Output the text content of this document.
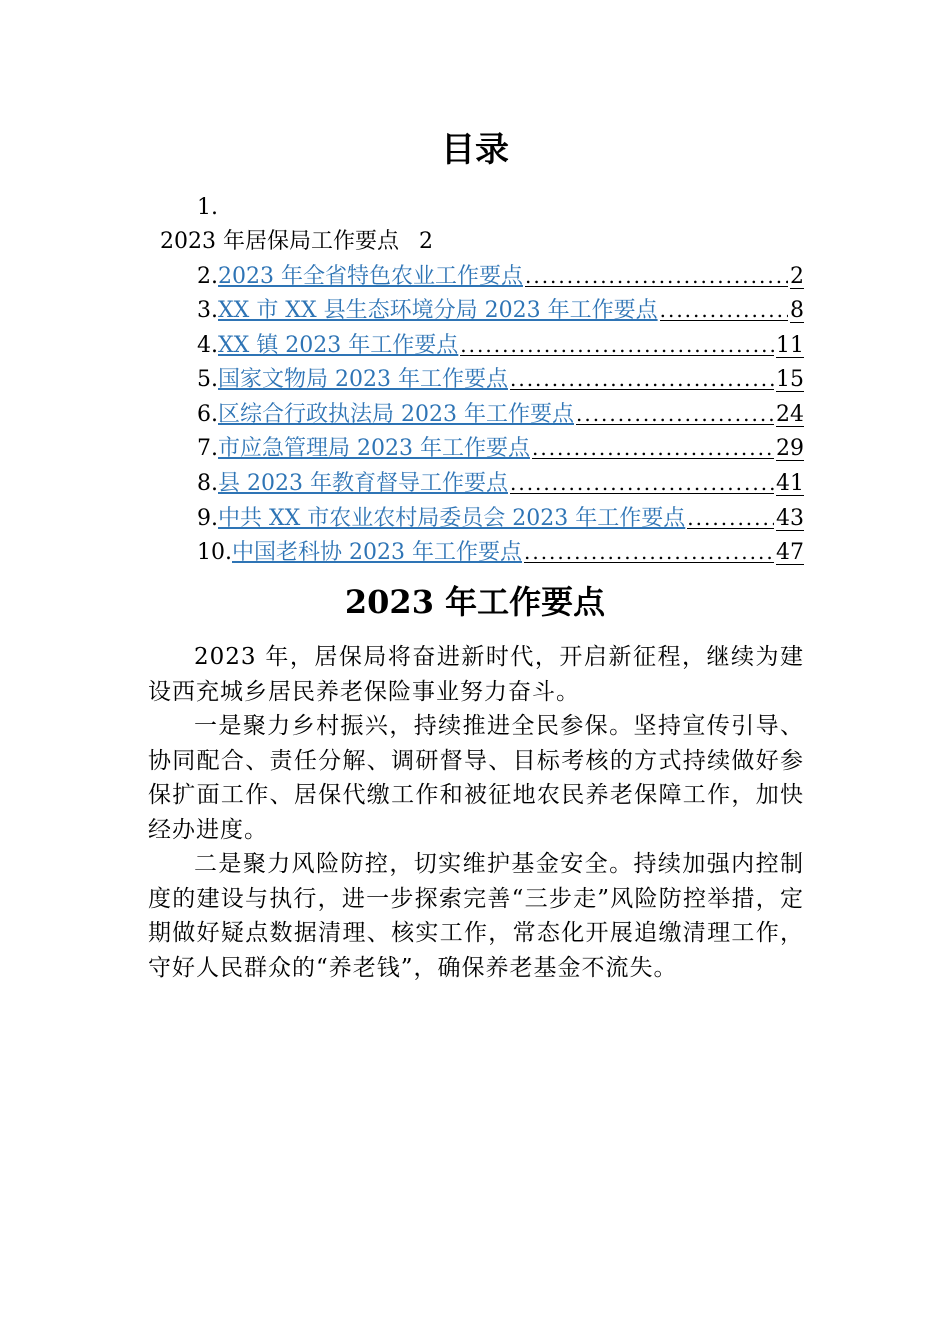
目录
1.
2023 年居保局工作要点 2
2. 2023 年全省特色农业工作要点 .....	2
3. XX 市 XX 县生态环境分局 2023 年工作要点 .....	8
4. XX 镇 2023 年工作要点 .....	11
5. 国家文物局 2023 年工作要点 .....	15
6. 区综合行政执法局 2023 年工作要点 .....	24
7. 市应急管理局 2023 年工作要点 .....	29
8. 县 2023 年教育督导工作要点 .....	41
9. 中共 XX 市农业农村局委员会 2023 年工作要点 .....	43
10. 中国老科协 2023 年工作要点 .....	47
2023 年工作要点

2023 年，居保局将奋进新时代，开启新征程，继续为建设西充城乡居民养老保险事业努力奋斗。

一是聚力乡村振兴，持续推进全民参保。坚持宣传引导、协同配合、责任分解、调研督导、目标考核的方式持续做好参保扩面工作、居保代缴工作和被征地农民养老保障工作，加快经办进度。

二是聚力风险防控，切实维护基金安全。持续加强内控制度的建设与执行，进一步探索完善“三步走”风险防控举措，定期做好疑点数据清理、核实工作，常态化开展追缴清理工作，守好人民群众的“养老钱”，确保养老基金不流失。
